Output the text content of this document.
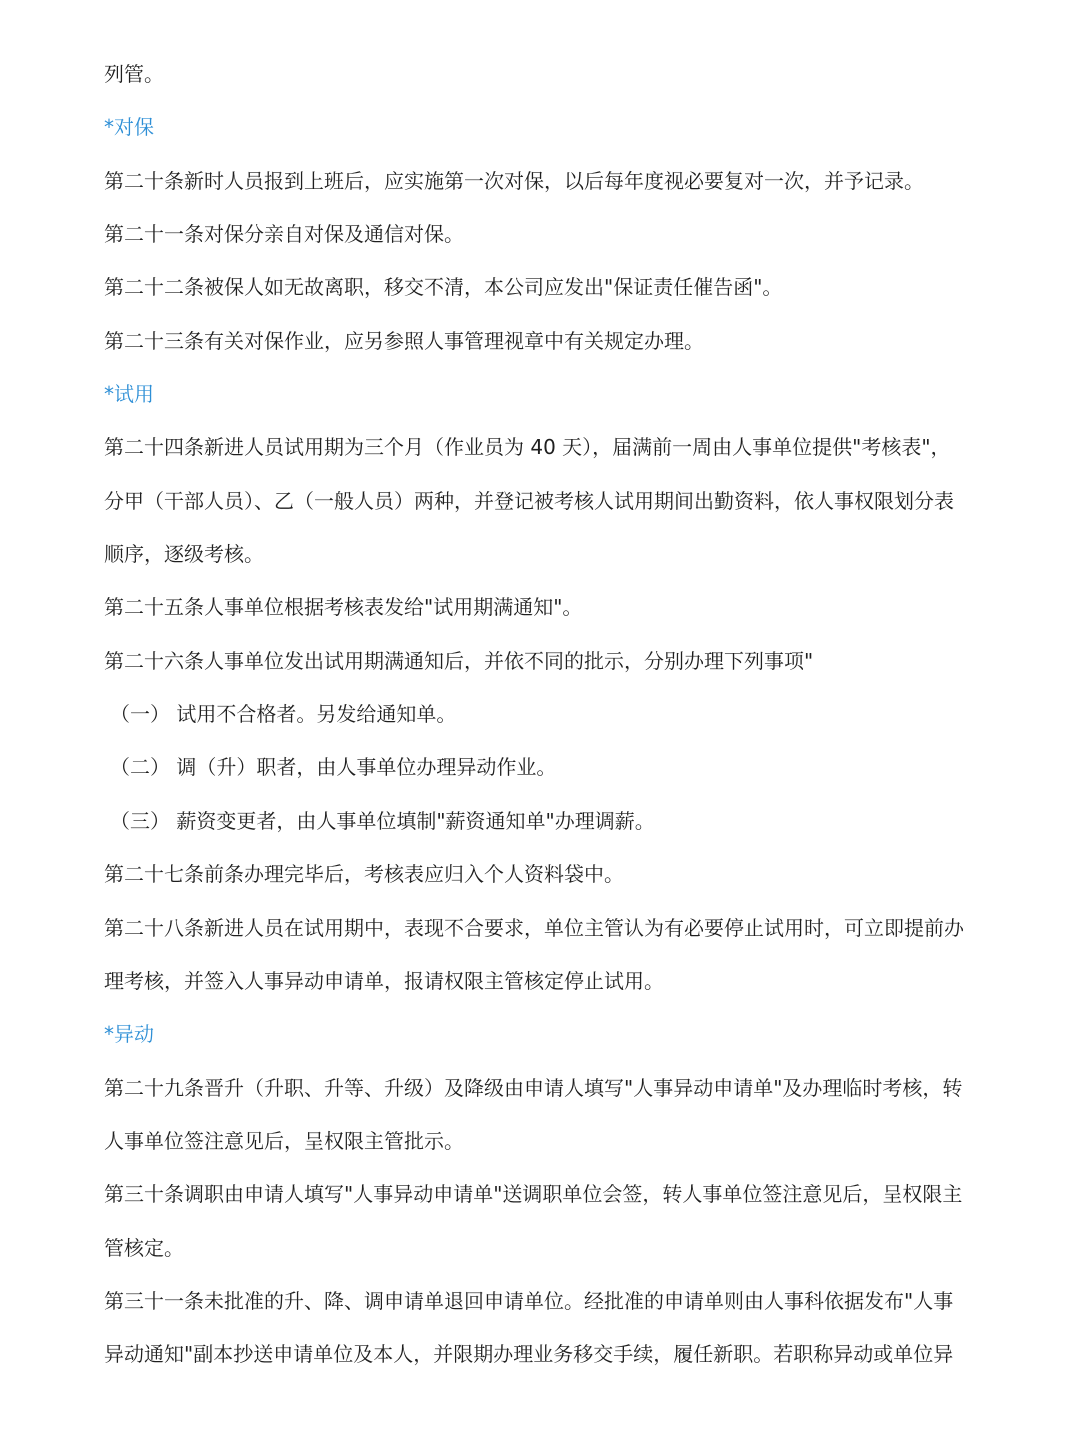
列管。
*对保
第二十条新时人员报到上班后，应实施第一次对保，以后每年度视必要复对一次，并予记录。
第二十一条对保分亲自对保及通信对保。
第二十二条被保人如无故离职，移交不清，本公司应发出"保证责任催告函"。
第二十三条有关对保作业，应另参照人事管理视章中有关规定办理。
*试用
第二十四条新进人员试用期为三个月（作业员为 40 天），届满前一周由人事单位提供"考核表"，
分甲（干部人员）、乙（一般人员）两种，并登记被考核人试用期间出勤资料，依人事权限划分表
顺序，逐级考核。
第二十五条人事单位根据考核表发给"试用期满通知"。
第二十六条人事单位发出试用期满通知后，并依不同的批示，分别办理下列事项"
（一） 试用不合格者。另发给通知单。
（二） 调（升）职者，由人事单位办理异动作业。
（三） 薪资变更者，由人事单位填制"薪资通知单"办理调薪。
第二十七条前条办理完毕后，考核表应归入个人资料袋中。
第二十八条新进人员在试用期中，表现不合要求，单位主管认为有必要停止试用时，可立即提前办
理考核，并签入人事异动申请单，报请权限主管核定停止试用。
*异动
第二十九条晋升（升职、升等、升级）及降级由申请人填写"人事异动申请单"及办理临时考核，转
人事单位签注意见后，呈权限主管批示。
第三十条调职由申请人填写"人事异动申请单"送调职单位会签，转人事单位签注意见后，呈权限主
管核定。
第三十一条未批准的升、降、调申请单退回申请单位。经批准的申请单则由人事科依据发布"人事
异动通知"副本抄送申请单位及本人，并限期办理业务移交手续，履任新职。若职称异动或单位异
